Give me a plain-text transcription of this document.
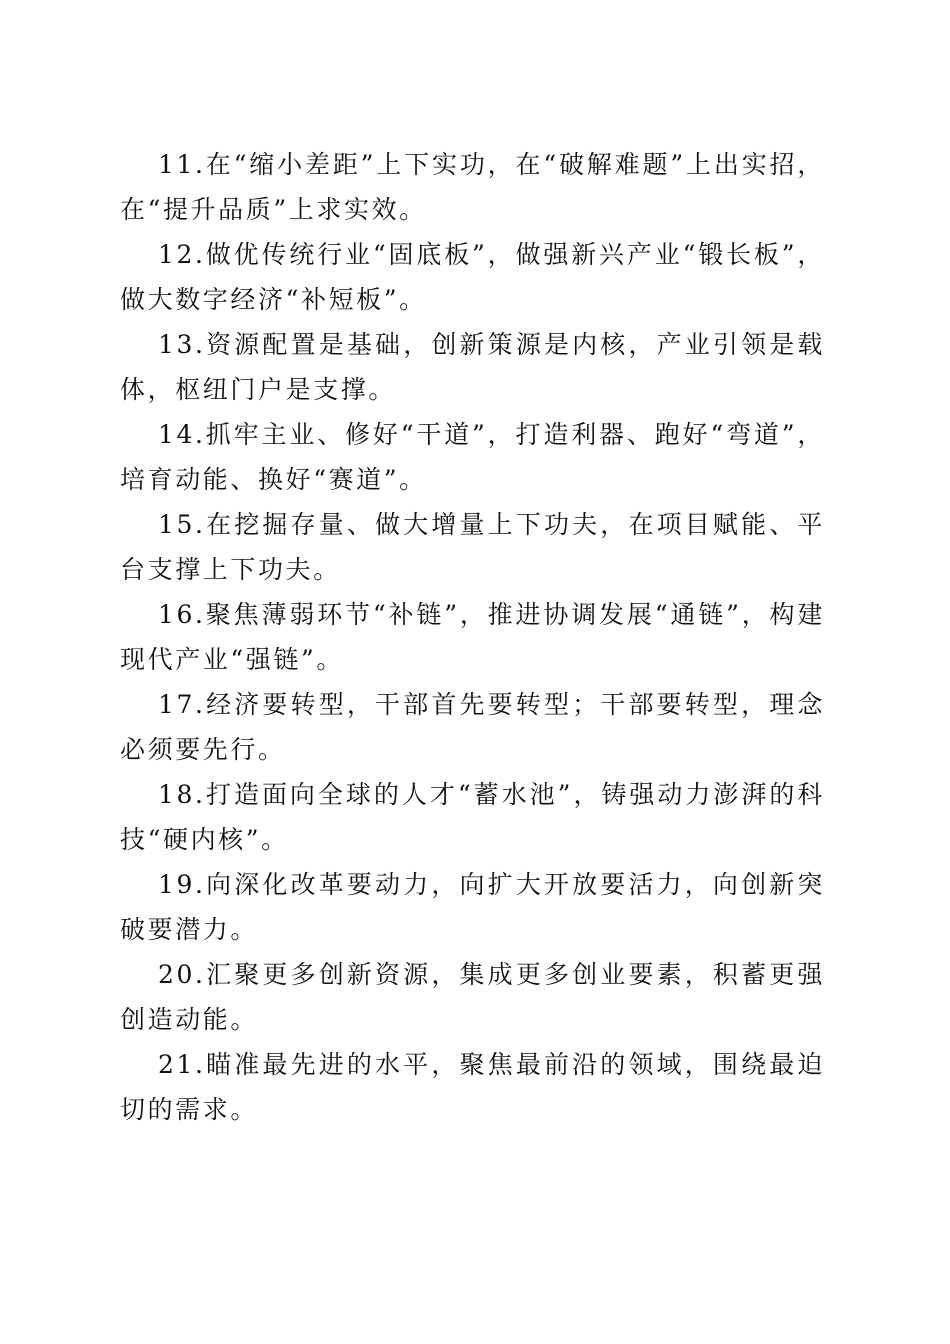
11.在“缩小差距”上下实功，在“破解难题”上出实招，在“提升品质”上求实效。

12.做优传统行业“固底板”，做强新兴产业“锻长板”，做大数字经济“补短板”。

13.资源配置是基础，创新策源是内核，产业引领是载体，枢纽门户是支撑。

14.抓牢主业、修好“干道”，打造利器、跑好“弯道”，培育动能、换好“赛道”。

15.在挖掘存量、做大增量上下功夫，在项目赋能、平台支撑上下功夫。

16.聚焦薄弱环节“补链”，推进协调发展“通链”，构建现代产业“强链”。

17.经济要转型，干部首先要转型；干部要转型，理念必须要先行。

18.打造面向全球的人才“蓄水池”，铸强动力澎湃的科技“硬内核”。

19.向深化改革要动力，向扩大开放要活力，向创新突破要潜力。

20.汇聚更多创新资源，集成更多创业要素，积蓄更强创造动能。

21.瞄准最先进的水平，聚焦最前沿的领域，围绕最迫切的需求。
